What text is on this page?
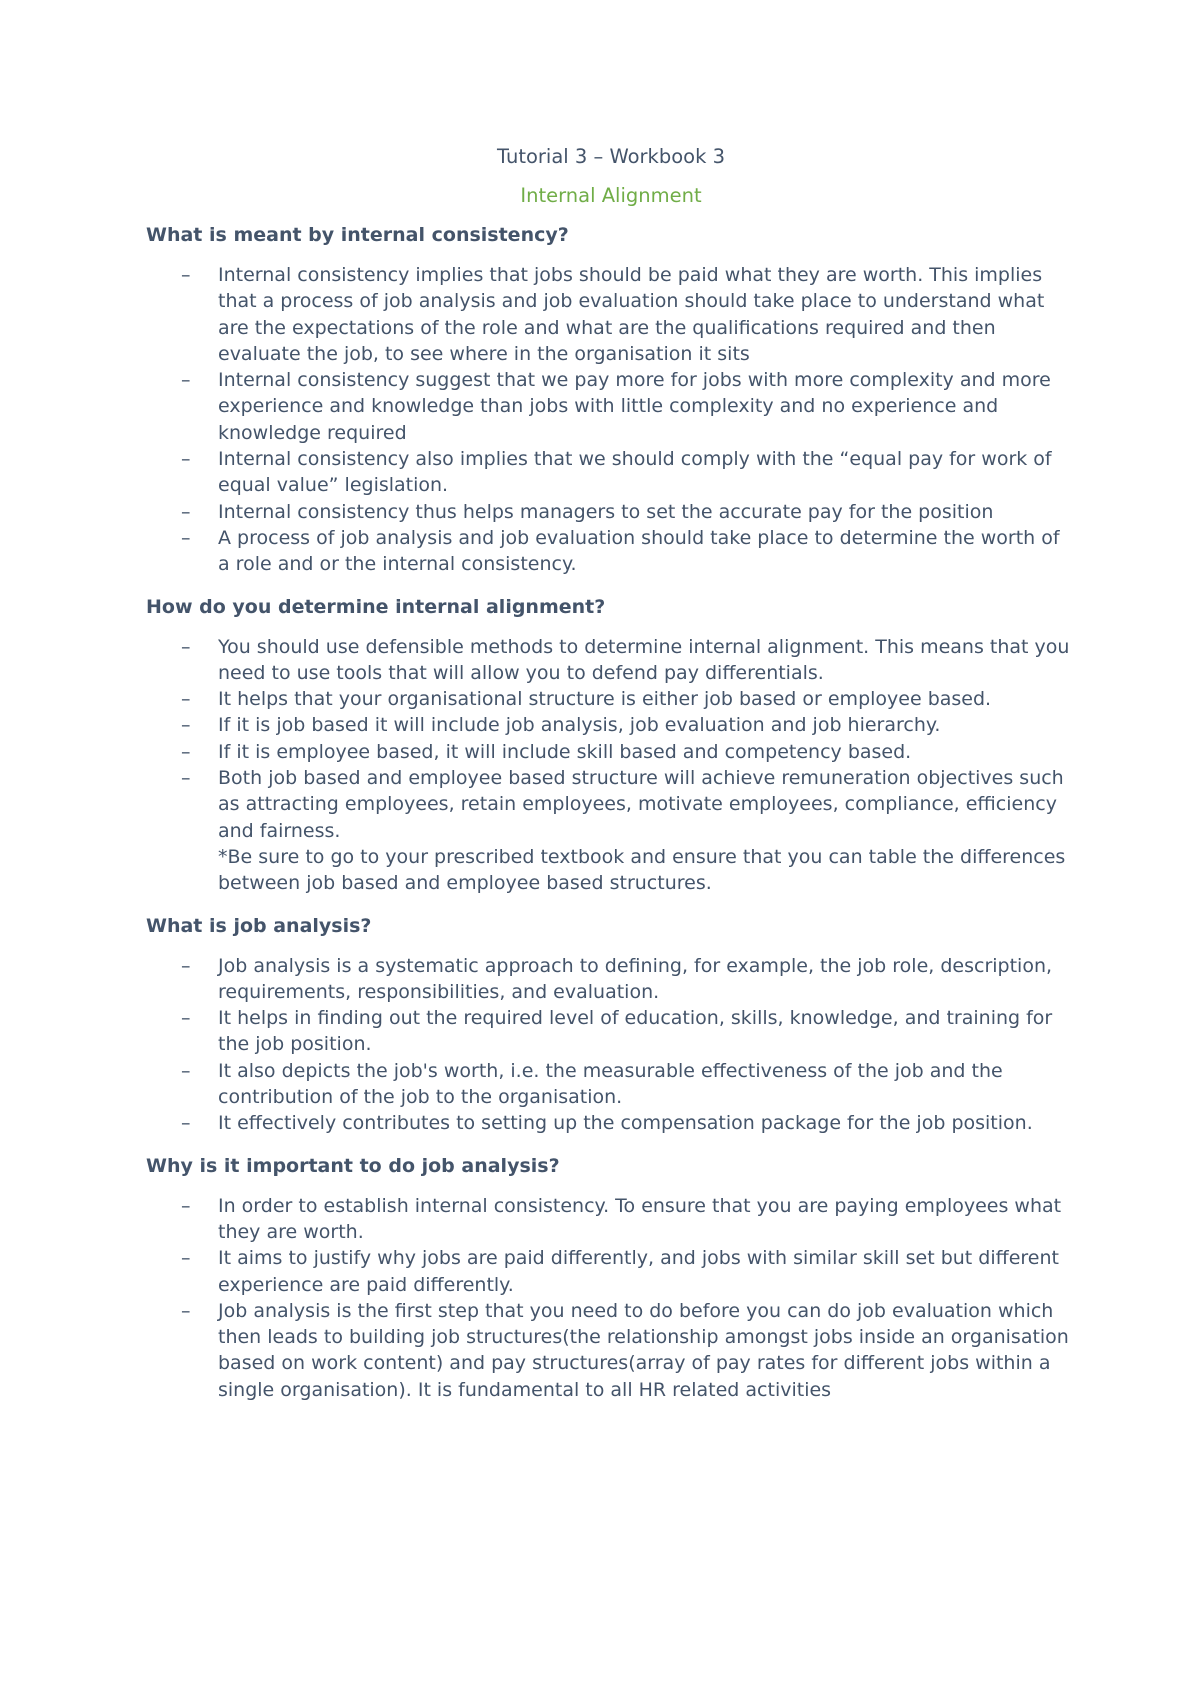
Tutorial 3 – Workbook 3

Internal Alignment

What is meant by internal consistency?

– Internal consistency implies that jobs should be paid what they are worth. This implies that a process of job analysis and job evaluation should take place to understand what are the expectations of the role and what are the qualifications required and then evaluate the job, to see where in the organisation it sits
– Internal consistency suggest that we pay more for jobs with more complexity and more experience and knowledge than jobs with little complexity and no experience and knowledge required
– Internal consistency also implies that we should comply with the “equal pay for work of equal value” legislation.
– Internal consistency thus helps managers to set the accurate pay for the position
– A process of job analysis and job evaluation should take place to determine the worth of a role and or the internal consistency.

How do you determine internal alignment?

– You should use defensible methods to determine internal alignment. This means that you need to use tools that will allow you to defend pay differentials.
– It helps that your organisational structure is either job based or employee based.
– If it is job based it will include job analysis, job evaluation and job hierarchy.
– If it is employee based, it will include skill based and competency based.
– Both job based and employee based structure will achieve remuneration objectives such as attracting employees, retain employees, motivate employees, compliance, efficiency and fairness.
*Be sure to go to your prescribed textbook and ensure that you can table the differences between job based and employee based structures.

What is job analysis?

– Job analysis is a systematic approach to defining, for example, the job role, description, requirements, responsibilities, and evaluation.
– It helps in finding out the required level of education, skills, knowledge, and training for the job position.
– It also depicts the job's worth, i.e. the measurable effectiveness of the job and the contribution of the job to the organisation.
– It effectively contributes to setting up the compensation package for the job position.

Why is it important to do job analysis?

– In order to establish internal consistency. To ensure that you are paying employees what they are worth.
– It aims to justify why jobs are paid differently, and jobs with similar skill set but different experience are paid differently.
– Job analysis is the first step that you need to do before you can do job evaluation which then leads to building job structures(the relationship amongst jobs inside an organisation based on work content) and pay structures(array of pay rates for different jobs within a single organisation). It is fundamental to all HR related activities
